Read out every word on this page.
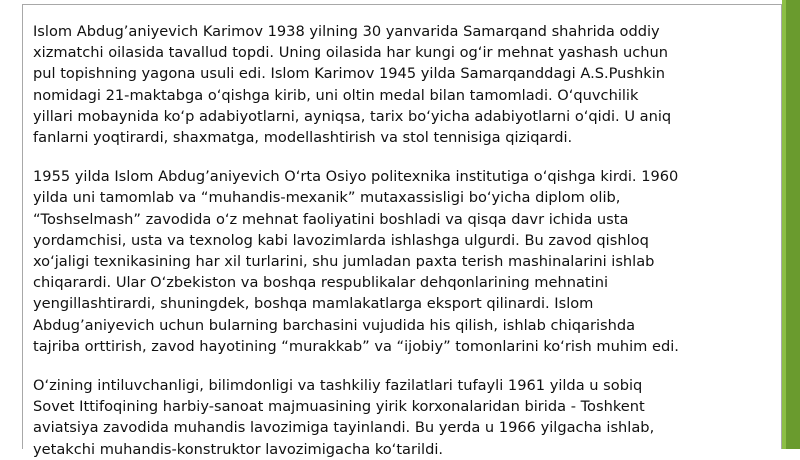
Islom Abdug’aniyevich Karimov 1938 yilning 30 yanvarida Samarqand shahrida oddiy
xizmatchi oilasida tavallud topdi. Uning oilasida har kungi og‘ir mehnat yashash uchun
pul topishning yagona usuli edi. Islom Karimov 1945 yilda Samarqanddagi A.S.Pushkin
nomidagi 21-maktabga o‘qishga kirib, uni oltin medal bilan tamomladi. O‘quvchilik
yillari mobaynida ko‘p adabiyotlarni, ayniqsa, tarix bo‘yicha adabiyotlarni o‘qidi. U aniq
fanlarni yoqtirardi, shaxmatga, modellashtirish va stol tennisiga qiziqardi.

1955 yilda Islom Abdug’aniyevich O‘rta Osiyo politexnika institutiga o‘qishga kirdi. 1960
yilda uni tamomlab va “muhandis-mexanik” mutaxassisligi bo‘yicha diplom olib,
“Toshselmash” zavodida o‘z mehnat faoliyatini boshladi va qisqa davr ichida usta
yordamchisi, usta va texnolog kabi lavozimlarda ishlashga ulgurdi. Bu zavod qishloq
xo‘jaligi texnikasining har xil turlarini, shu jumladan paxta terish mashinalarini ishlab
chiqarardi. Ular O‘zbekiston va boshqa respublikalar dehqonlarining mehnatini
yengillashtirardi, shuningdek, boshqa mamlakatlarga eksport qilinardi. Islom
Abdug’aniyevich uchun bularning barchasini vujudida his qilish, ishlab chiqarishda
tajriba orttirish, zavod hayotining “murakkab” va “ijobiy” tomonlarini ko‘rish muhim edi.

O‘zining intiluvchanligi, bilimdonligi va tashkiliy fazilatlari tufayli 1961 yilda u sobiq
Sovet Ittifoqining harbiy-sanoat majmuasining yirik korxonalaridan birida - Toshkent
aviatsiya zavodida muhandis lavozimiga tayinlandi. Bu yerda u 1966 yilgacha ishlab,
yetakchi muhandis-konstruktor lavozimigacha ko‘tarildi.
